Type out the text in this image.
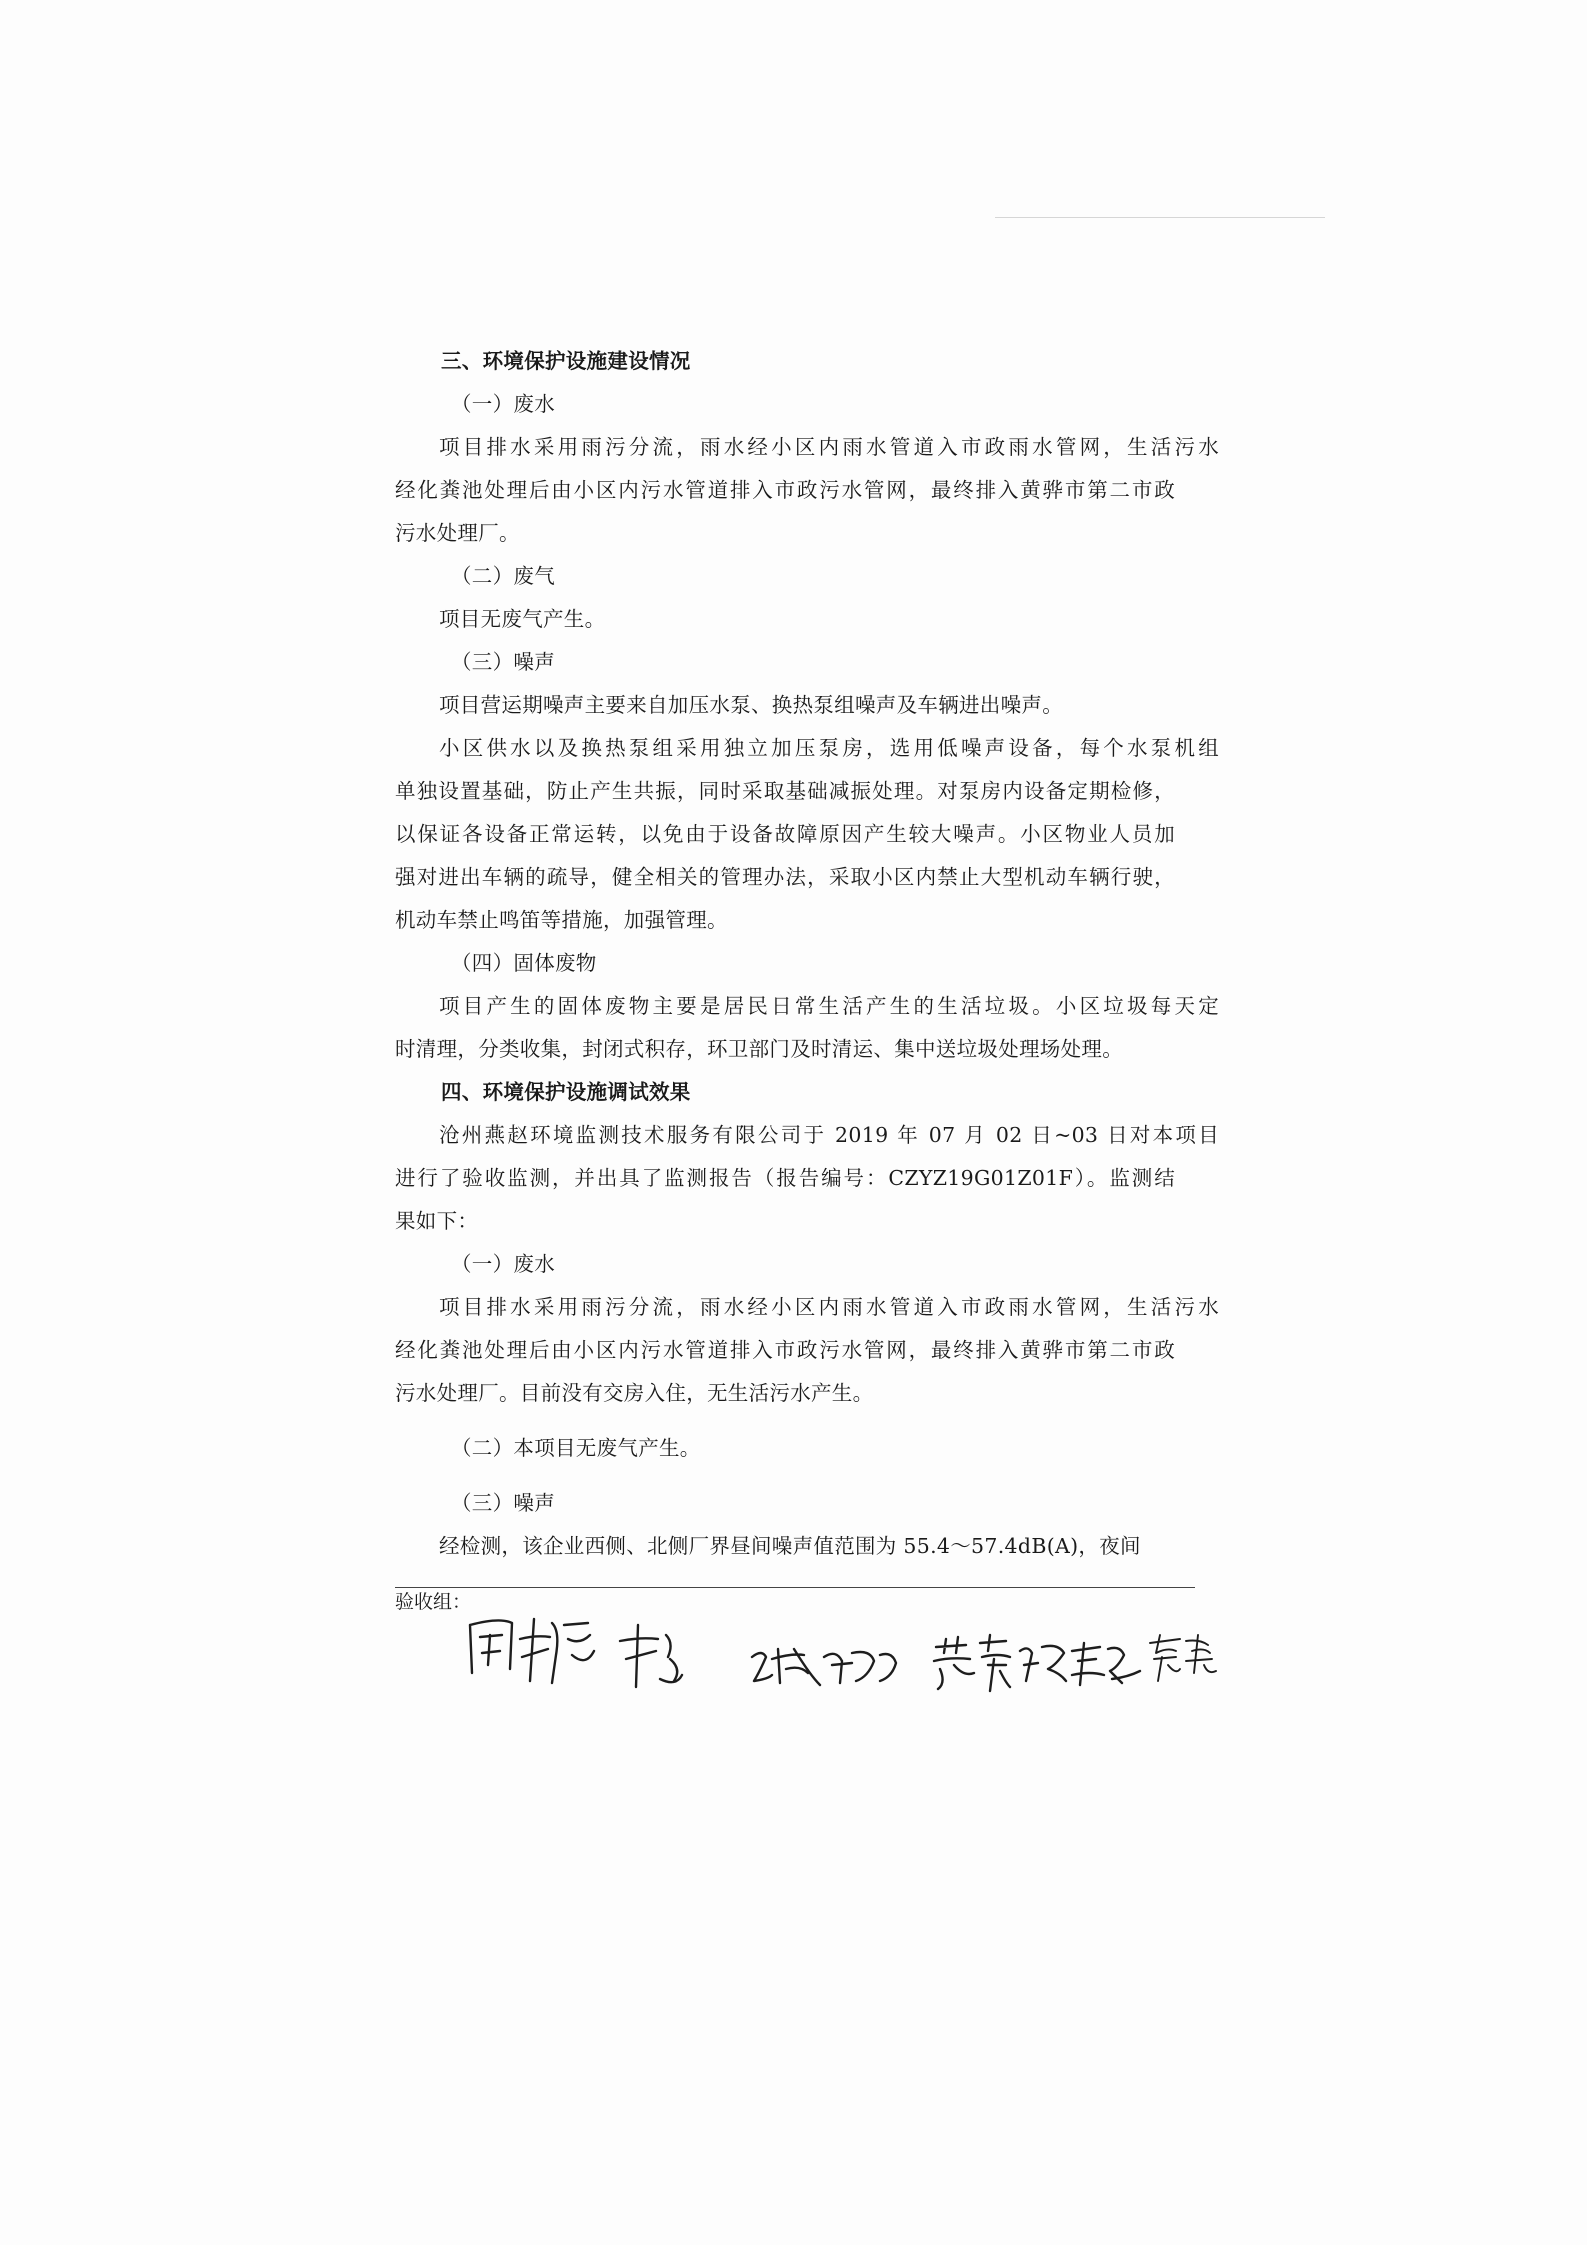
三、环境保护设施建设情况

（一）废水

项目排水采用雨污分流，雨水经小区内雨水管道入市政雨水管网，生活污水

经化粪池处理后由小区内污水管道排入市政污水管网，最终排入黄骅市第二市政

污水处理厂。

（二）废气

项目无废气产生。

（三）噪声

项目营运期噪声主要来自加压水泵、换热泵组噪声及车辆进出噪声。

小区供水以及换热泵组采用独立加压泵房，选用低噪声设备，每个水泵机组

单独设置基础，防止产生共振，同时采取基础减振处理。对泵房内设备定期检修，

以保证各设备正常运转，以免由于设备故障原因产生较大噪声。小区物业人员加

强对进出车辆的疏导，健全相关的管理办法，采取小区内禁止大型机动车辆行驶，

机动车禁止鸣笛等措施，加强管理。

（四）固体废物

项目产生的固体废物主要是居民日常生活产生的生活垃圾。小区垃圾每天定

时清理，分类收集，封闭式积存，环卫部门及时清运、集中送垃圾处理场处理。

四、环境保护设施调试效果

沧州燕赵环境监测技术服务有限公司于 2019 年 07 月 02 日~03 日对本项目

进行了验收监测，并出具了监测报告（报告编号：CZYZ19G01Z01F）。监测结

果如下：

（一）废水

项目排水采用雨污分流，雨水经小区内雨水管道入市政雨水管网，生活污水

经化粪池处理后由小区内污水管道排入市政污水管网，最终排入黄骅市第二市政

污水处理厂。目前没有交房入住，无生活污水产生。

（二）本项目无废气产生。

（三）噪声

经检测，该企业西侧、北侧厂界昼间噪声值范围为 55.4～57.4dB(A)，夜间

验收组：
